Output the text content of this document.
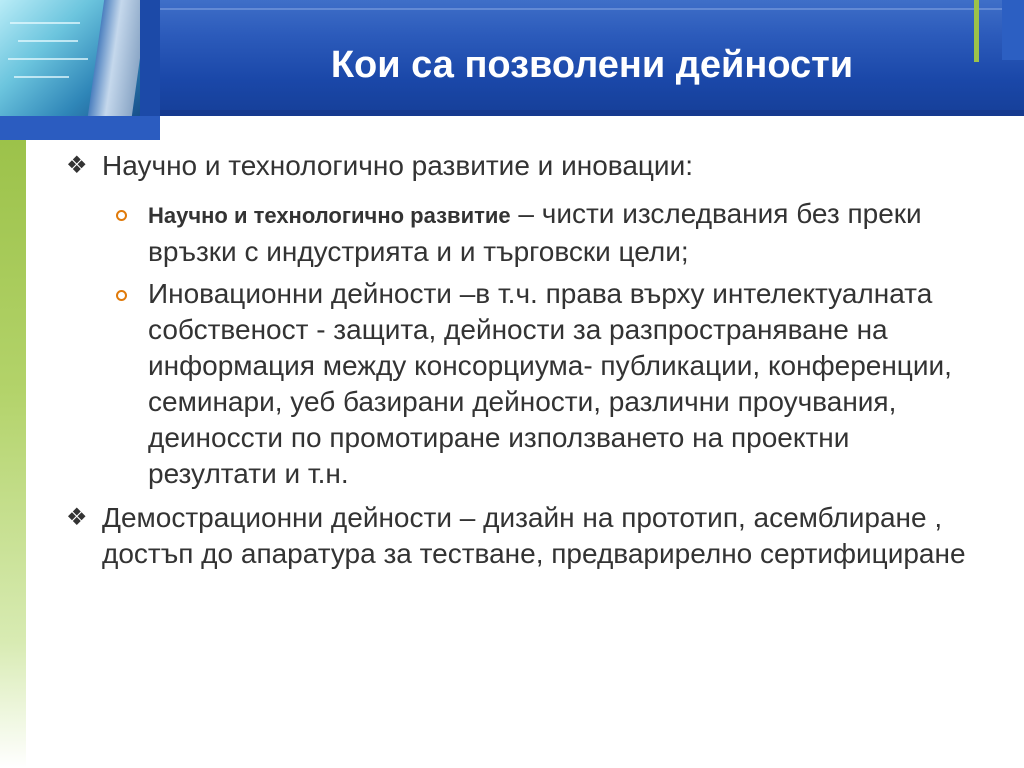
Кои са позволени дейности
❖ Научно и технологично развитие и иновации:
Научно и технологично развитие – чисти изследвания без преки връзки с индустрията и и търговски цели;
Иновационни дейности –в т.ч. права върху интелектуалната собственост - защита, дейности за разпространяване на информация между консорциума- публикации, конференции, семинари, уеб базирани дейности, различни проучвания, деиноссти по промотиране използването на проектни резултати и т.н.
❖ Демострационни дейности – дизайн на прототип, асемблиране , достъп до апаратура за тестване, предварирелно сертифициране
